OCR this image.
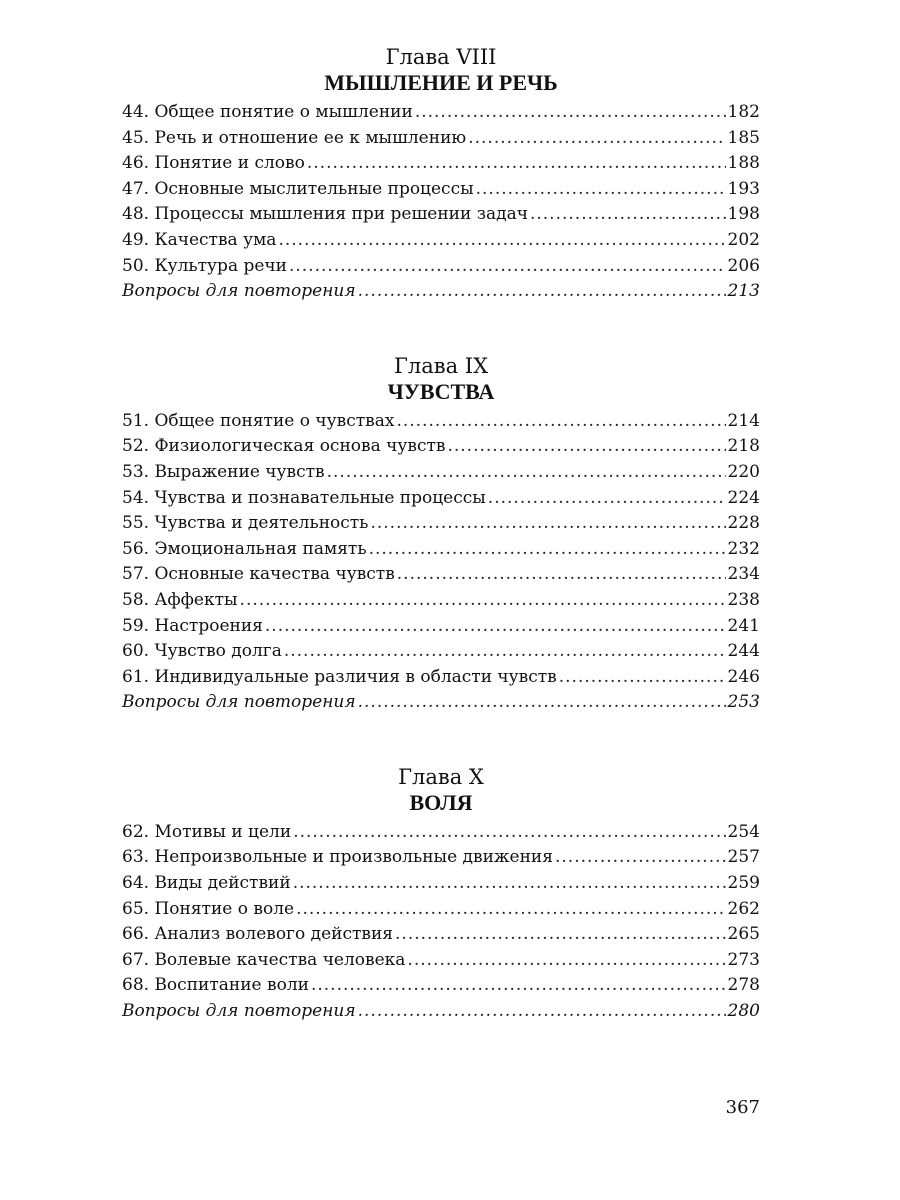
Глава VIII
МЫШЛЕНИЕ И РЕЧЬ
44. Общее понятие о мышлении .....	182
45. Речь и отношение ее к мышлению .....	185
46. Понятие и слово .....	188
47. Основные мыслительные процессы .....	193
48. Процессы мышления при решении задач .....	198
49. Качества ума .....	202
50. Культура речи .....	206
Вопросы для повторения .....	213
Глава IX
ЧУВСТВА
51. Общее понятие о чувствах .....	214
52. Физиологическая основа чувств .....	218
53. Выражение чувств .....	220
54. Чувства и познавательные процессы .....	224
55. Чувства и деятельность .....	228
56. Эмоциональная память .....	232
57. Основные качества чувств .....	234
58. Аффекты .....	238
59. Настроения .....	241
60. Чувство долга .....	244
61. Индивидуальные различия в области чувств .....	246
Вопросы для повторения .....	253
Глава X
ВОЛЯ
62. Мотивы и цели .....	254
63. Непроизвольные и произвольные движения .....	257
64. Виды действий .....	259
65. Понятие о воле .....	262
66. Анализ волевого действия .....	265
67. Волевые качества человека .....	273
68. Воспитание воли .....	278
Вопросы для повторения .....	280
367
